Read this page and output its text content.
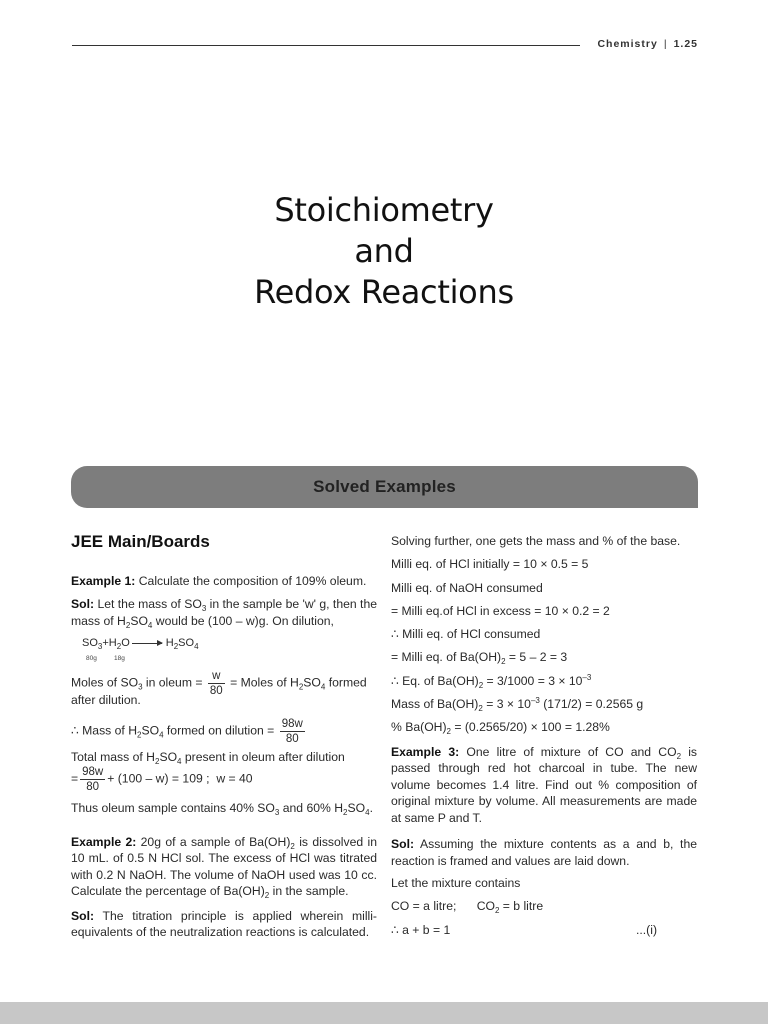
Chemistry | 1.25
Stoichiometry
and
Redox Reactions
Solved Examples

JEE Main/Boards

Example 1: Calculate the composition of 109% oleum.

Sol: Let the mass of $SO_3$ in the sample be 'w' g, then the mass of $H_2SO_4$ would be (100 – w)g. On dilution,

$SO_3+H_2O \to H_2SO_4$
80g	18g

Moles of $SO_3$ in oleum = $\frac{w}{80}$ = Moles of $H_2SO_4$ formed

after dilution.

∴ Mass of $H_2SO_4$ formed on dilution = $\frac{98w}{80}$

Total mass of $H_2SO_4$ present in oleum after dilution

= $\frac{98w}{80} + (100 - w) = 109$ ; w = 40

Thus oleum sample contains 40% $SO_3$ and 60% $H_2SO_4$.

Example 2: 20g of a sample of $Ba(OH)_2$ is dissolved in 10 mL. of 0.5 N HCl sol. The excess of HCl was titrated with 0.2 N NaOH. The volume of NaOH used was 10 cc. Calculate the percentage of $Ba(OH)_2$ in the sample.

Sol: The titration principle is applied wherein milli-equivalents of the neutralization reactions is calculated.

Solving further, one gets the mass and % of the base.

Milli eq. of HCl initially = 10 × 0.5 = 5

Milli eq. of NaOH consumed

= Milli eq.of HCl in excess = 10 × 0.2 = 2

∴ Milli eq. of HCl consumed

= Milli eq. of $Ba(OH)_2 = 5 - 2 = 3$

∴ Eq. of $Ba(OH)_2 = 3/1000 = 3 \times 10^{-3}$

Mass of $Ba(OH)_2 = 3 \times 10^{-3}$ (171/2) = 0.2565 g

% $Ba(OH)_2 = (0.2565/20) \times 100 = 1.28\%$

Example 3: One litre of mixture of CO and $CO_2$ is passed through red hot charcoal in tube. The new volume becomes 1.4 litre. Find out % composition of original mixture by volume. All measurements are made at same P and T.

Sol: Assuming the mixture contents as a and b, the reaction is framed and values are laid down.

Let the mixture contains

CO = a litre; $CO_2 = b$ litre

∴ a + b = 1	...(i)
